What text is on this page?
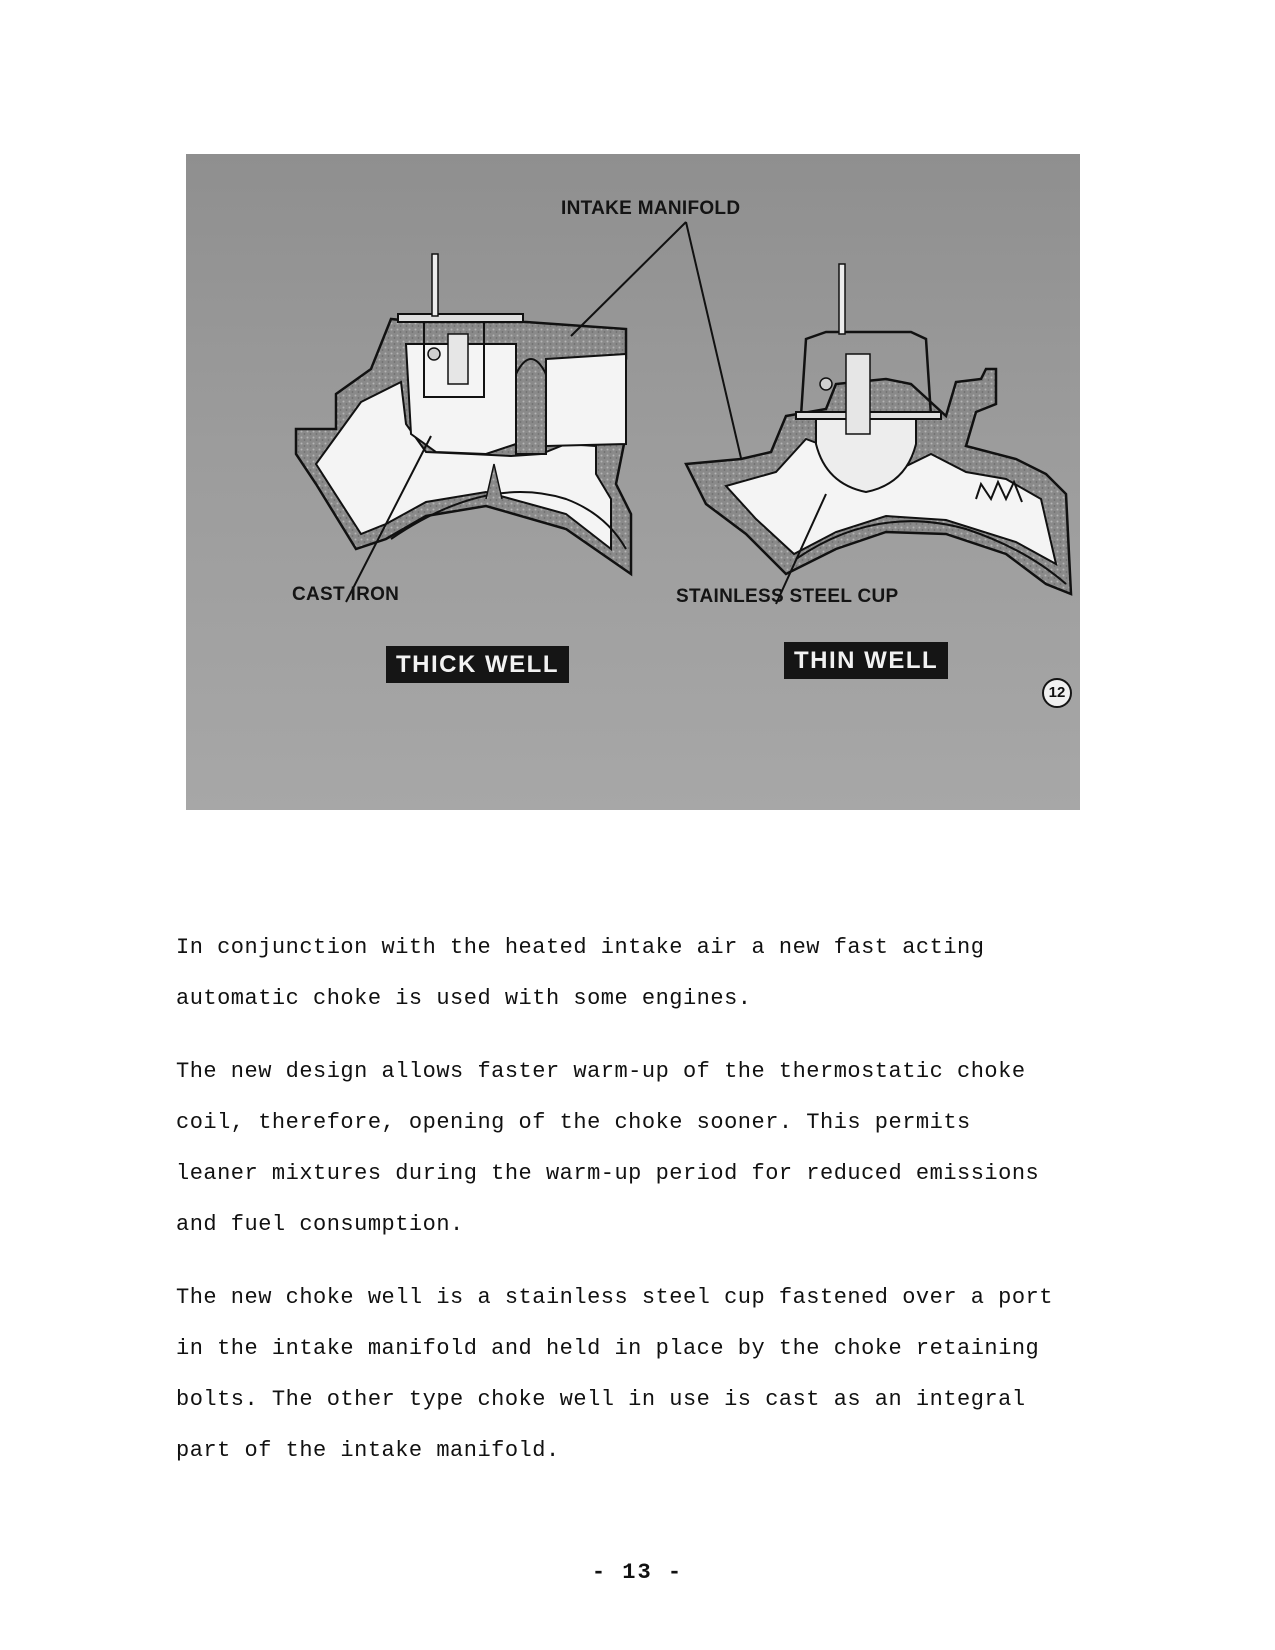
INTAKE MANIFOLD
CAST IRON	STAINLESS STEEL CUP
THICK WELL	THIN WELL
12
In conjunction with the heated intake air a new fast acting
automatic choke is used with some engines.
The new design allows faster warm-up of the thermostatic choke
coil, therefore, opening of the choke sooner. This permits
leaner mixtures during the warm-up period for reduced emissions
and fuel consumption.
The new choke well is a stainless steel cup fastened over a port
in the intake manifold and held in place by the choke retaining
bolts. The other type choke well in use is cast as an integral
part of the intake manifold.
- 13 -
